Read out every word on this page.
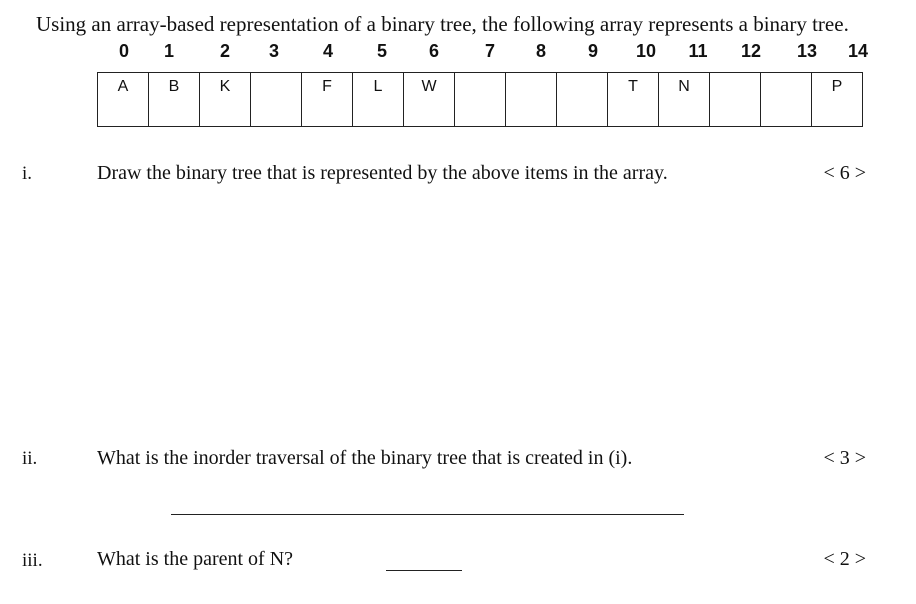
Using an array-based representation of a binary tree, the following array represents a binary tree.
0 1	2 3 4 5 6	7 8 9 10 11 12 13 14
A	B	K		F	L	W				T	N			P
i.	Draw the binary tree that is represented by the above items in the array.	< 6 >
ii.	What is the inorder traversal of the binary tree that is created in (i).	< 3 >
iii.	What is the parent of N?	< 2 >
